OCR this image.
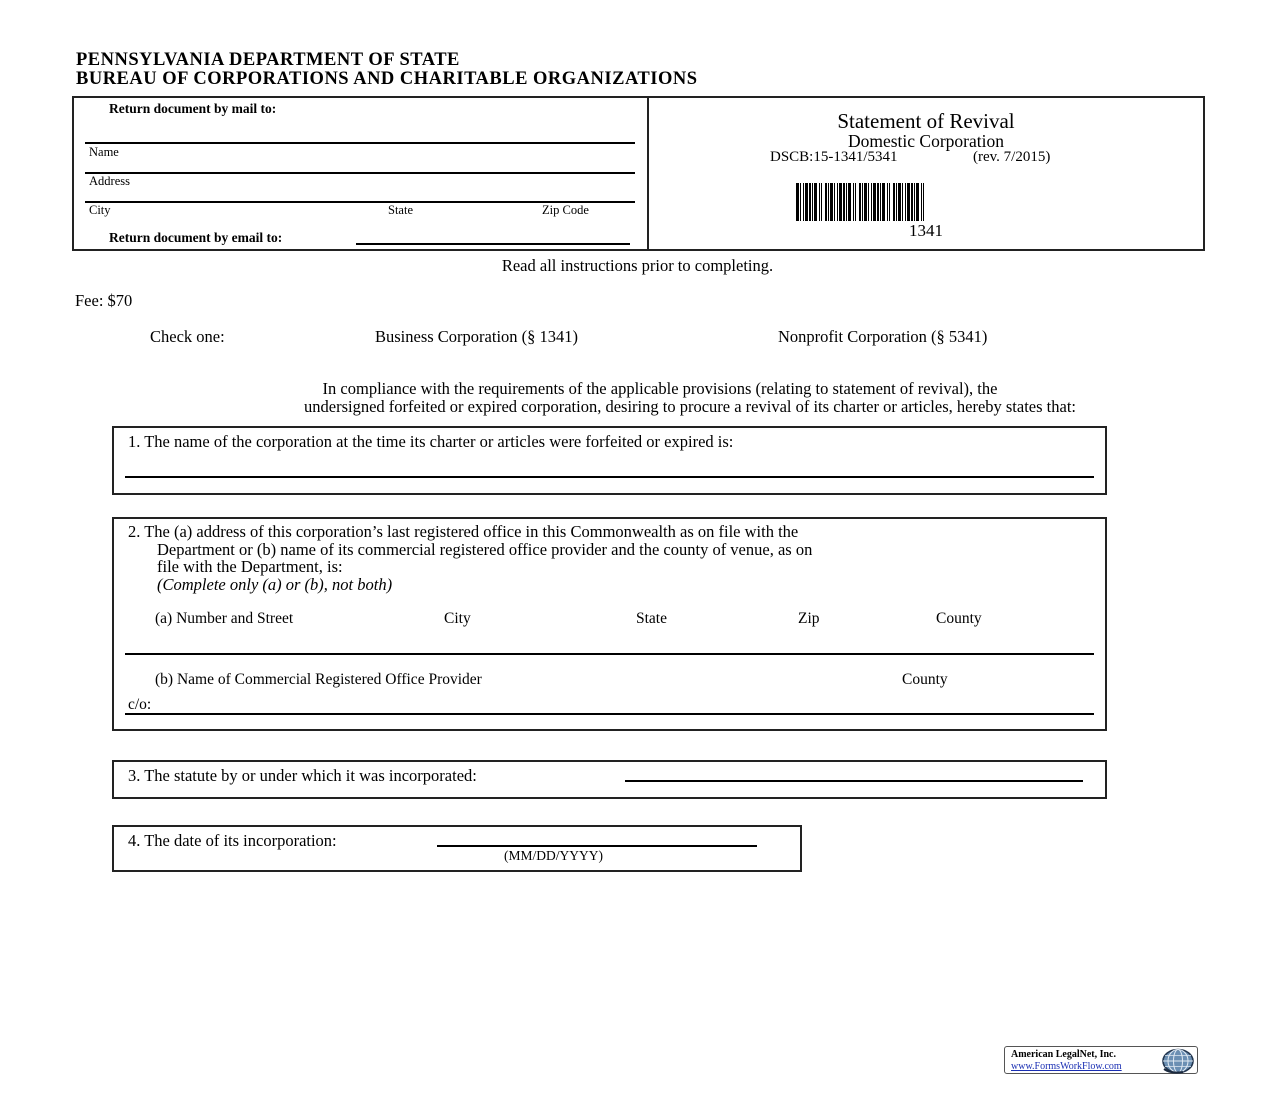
PENNSYLVANIA DEPARTMENT OF STATE
BUREAU OF CORPORATIONS AND CHARITABLE ORGANIZATIONS
Return document by mail to:
Name
Address
City	State	Zip Code
Return document by email to:
Statement of Revival
Domestic Corporation
DSCB:15-1341/5341	(rev. 7/2015)
1341
Read all instructions prior to completing.
Fee: $70
Check one:	Business Corporation (§ 1341)	Nonprofit Corporation (§ 5341)
In compliance with the requirements of the applicable provisions (relating to statement of revival), the
undersigned forfeited or expired corporation, desiring to procure a revival of its charter or articles, hereby states that:
1. The name of the corporation at the time its charter or articles were forfeited or expired is:
2. The (a) address of this corporation’s last registered office in this Commonwealth as on file with the
Department or (b) name of its commercial registered office provider and the county of venue, as on
file with the Department, is:
(Complete only (a) or (b), not both)
(a) Number and Street	City	State	Zip	County
(b) Name of Commercial Registered Office Provider	County
c/o:
3. The statute by or under which it was incorporated:
4. The date of its incorporation:
(MM/DD/YYYY)
American LegalNet, Inc.
www.FormsWorkFlow.com
